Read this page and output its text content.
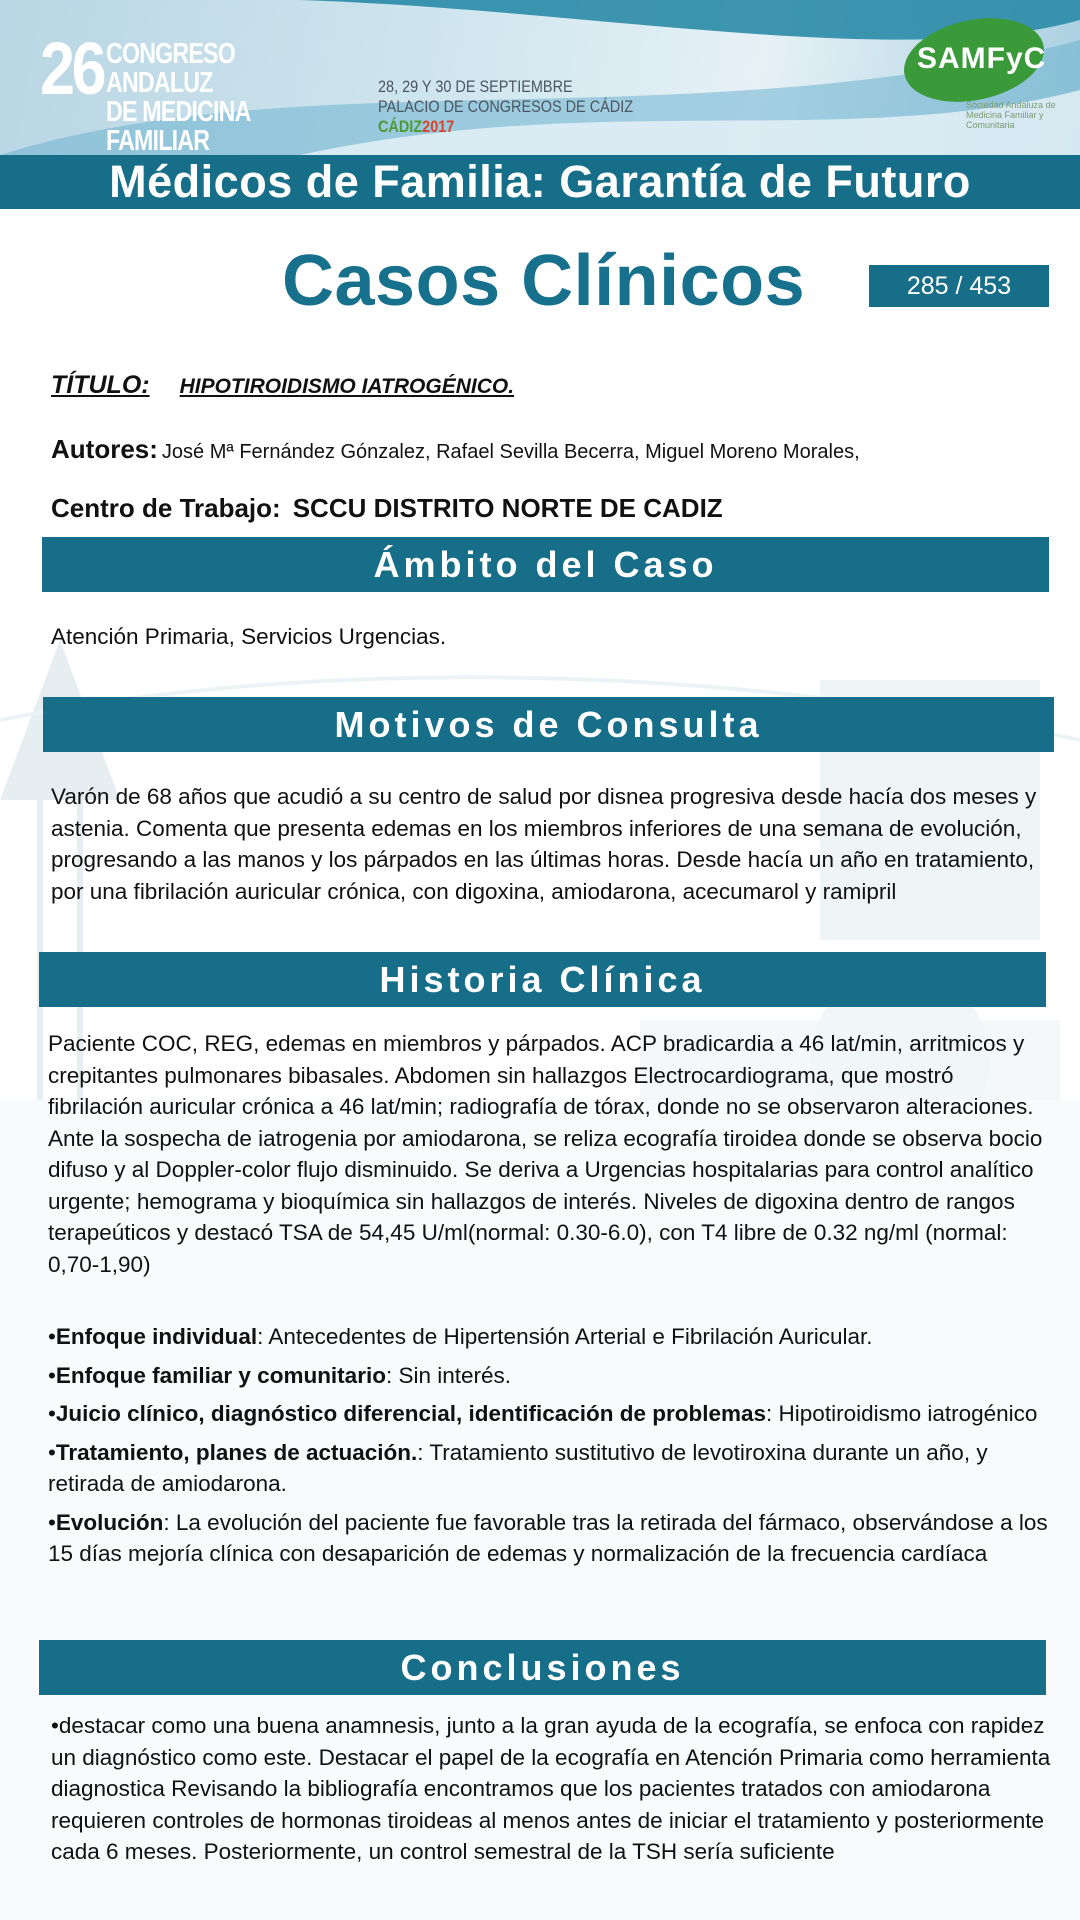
26 CONGRESO ANDALUZ
DE MEDICINA FAMILIAR
28, 29 Y 30 DE SEPTIEMBRE
PALACIO DE CONGRESOS DE CÁDIZ
CÁDIZ2017
SAMFyC
Sociedad Andaluza de Medicina Familiar y Comunitaria
Médicos de Familia: Garantía de Futuro
Casos Clínicos	285 / 453
TÍTULO: HIPOTIROIDISMO IATROGÉNICO.
Autores: José Mª Fernández Gónzalez, Rafael Sevilla Becerra, Miguel Moreno Morales,
Centro de Trabajo: SCCU DISTRITO NORTE DE CADIZ
Ámbito del Caso
Atención Primaria, Servicios Urgencias.
Motivos de Consulta
Varón de 68 años que acudió a su centro de salud por disnea progresiva desde hacía dos meses y astenia. Comenta que presenta edemas en los miembros inferiores de una semana de evolución, progresando a las manos y los párpados en las últimas horas. Desde hacía un año en tratamiento, por una fibrilación auricular crónica, con digoxina, amiodarona, acecumarol y ramipril
Historia Clínica
Paciente COC, REG, edemas en miembros y párpados. ACP bradicardia a 46 lat/min, arritmicos y crepitantes pulmonares bibasales. Abdomen sin hallazgos Electrocardiograma, que mostró fibrilación auricular crónica a 46 lat/min; radiografía de tórax, donde no se observaron alteraciones. Ante la sospecha de iatrogenia por amiodarona, se reliza ecografía tiroidea donde se observa bocio difuso y al Doppler-color flujo disminuido. Se deriva a Urgencias hospitalarias para control analítico urgente; hemograma y bioquímica sin hallazgos de interés. Niveles de digoxina dentro de rangos terapeúticos y destacó TSA de 54,45 U/ml(normal: 0.30-6.0), con T4 libre de 0.32 ng/ml (normal: 0,70-1,90)

•Enfoque individual: Antecedentes de Hipertensión Arterial e Fibrilación Auricular.

•Enfoque familiar y comunitario: Sin interés.

•Juicio clínico, diagnóstico diferencial, identificación de problemas: Hipotiroidismo iatrogénico

•Tratamiento, planes de actuación.: Tratamiento sustitutivo de levotiroxina durante un año, y retirada de amiodarona.

•Evolución: La evolución del paciente fue favorable tras la retirada del fármaco, observándose a los 15 días mejoría clínica con desaparición de edemas y normalización de la frecuencia cardíaca

Conclusiones
•destacar como una buena anamnesis, junto a la gran ayuda de la ecografía, se enfoca con rapidez un diagnóstico como este. Destacar el papel de la ecografía en Atención Primaria como herramienta diagnostica Revisando la bibliografía encontramos que los pacientes tratados con amiodarona requieren controles de hormonas tiroideas al menos antes de iniciar el tratamiento y posteriormente cada 6 meses. Posteriormente, un control semestral de la TSH sería suficiente
